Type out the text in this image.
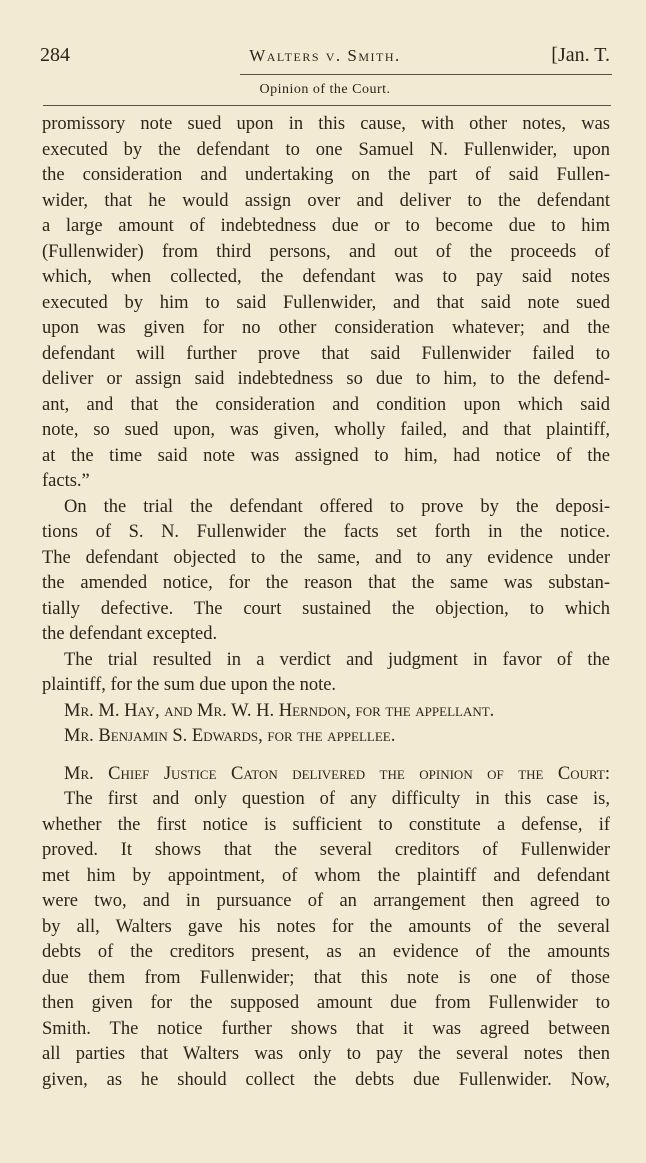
284	Walters v. Smith.	[Jan. T.
Opinion of the Court.
promissory note sued upon in this cause, with other notes, was
executed by the defendant to one Samuel N. Fullenwider, upon
the consideration and undertaking on the part of said Fullen-
wider, that he would assign over and deliver to the defendant
a large amount of indebtedness due or to become due to him
(Fullenwider) from third persons, and out of the proceeds of
which, when collected, the defendant was to pay said notes
executed by him to said Fullenwider, and that said note sued
upon was given for no other consideration whatever; and the
defendant will further prove that said Fullenwider failed to
deliver or assign said indebtedness so due to him, to the defend-
ant, and that the consideration and condition upon which said
note, so sued upon, was given, wholly failed, and that plaintiff,
at the time said note was assigned to him, had notice of the
facts.”
On the trial the defendant offered to prove by the deposi-
tions of S. N. Fullenwider the facts set forth in the notice.
The defendant objected to the same, and to any evidence under
the amended notice, for the reason that the same was substan-
tially defective. The court sustained the objection, to which
the defendant excepted.
The trial resulted in a verdict and judgment in favor of the
plaintiff, for the sum due upon the note.
Mr. M. Hay, and Mr. W. H. Herndon, for the appellant.
Mr. Benjamin S. Edwards, for the appellee.
Mr. Chief Justice Caton delivered the opinion of the Court:
The first and only question of any difficulty in this case is,
whether the first notice is sufficient to constitute a defense, if
proved. It shows that the several creditors of Fullenwider
met him by appointment, of whom the plaintiff and defendant
were two, and in pursuance of an arrangement then agreed to
by all, Walters gave his notes for the amounts of the several
debts of the creditors present, as an evidence of the amounts
due them from Fullenwider; that this note is one of those
then given for the supposed amount due from Fullenwider to
Smith. The notice further shows that it was agreed between
all parties that Walters was only to pay the several notes then
given, as he should collect the debts due Fullenwider. Now,
